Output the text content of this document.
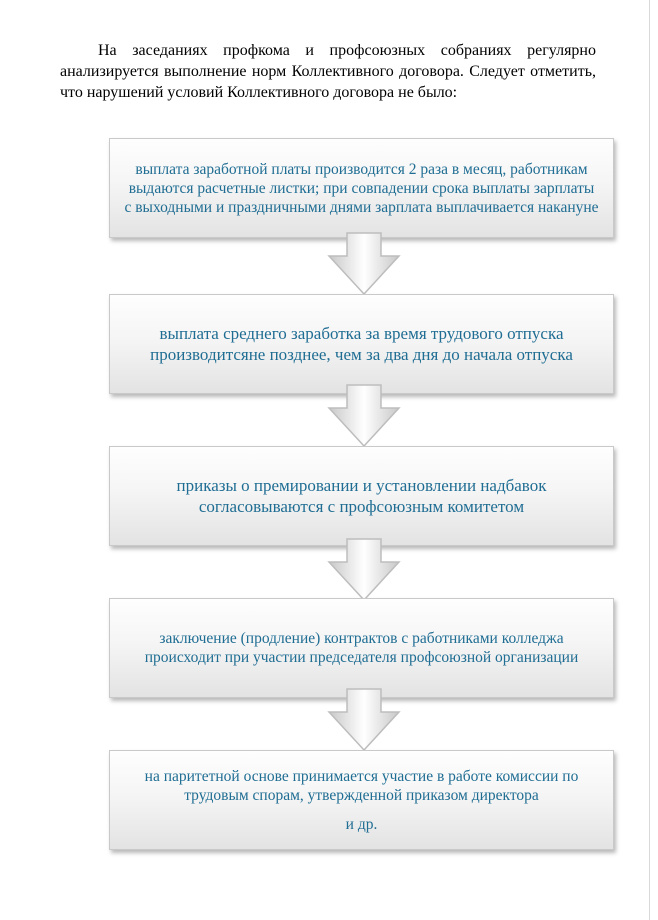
На заседаниях профкома и профсоюзных собраниях регулярно анализируется выполнение норм Коллективного договора. Следует отметить, что нарушений условий Коллективного договора не было:

выплата заработной платы производится 2 раза в месяц, работникам выдаются расчетные листки; при совпадении срока выплаты зарплаты с выходными и праздничными днями зарплата выплачивается накануне

выплата среднего заработка за время трудового отпуска производитсяне позднее, чем за два дня до начала отпуска

приказы о премировании и установлении надбавок согласовываются с профсоюзным комитетом

заключение (продление) контрактов с работниками колледжа происходит при участии председателя профсоюзной организации

на паритетной основе принимается участие в работе комиссии по трудовым спорам, утвержденной приказом директора

и др.
